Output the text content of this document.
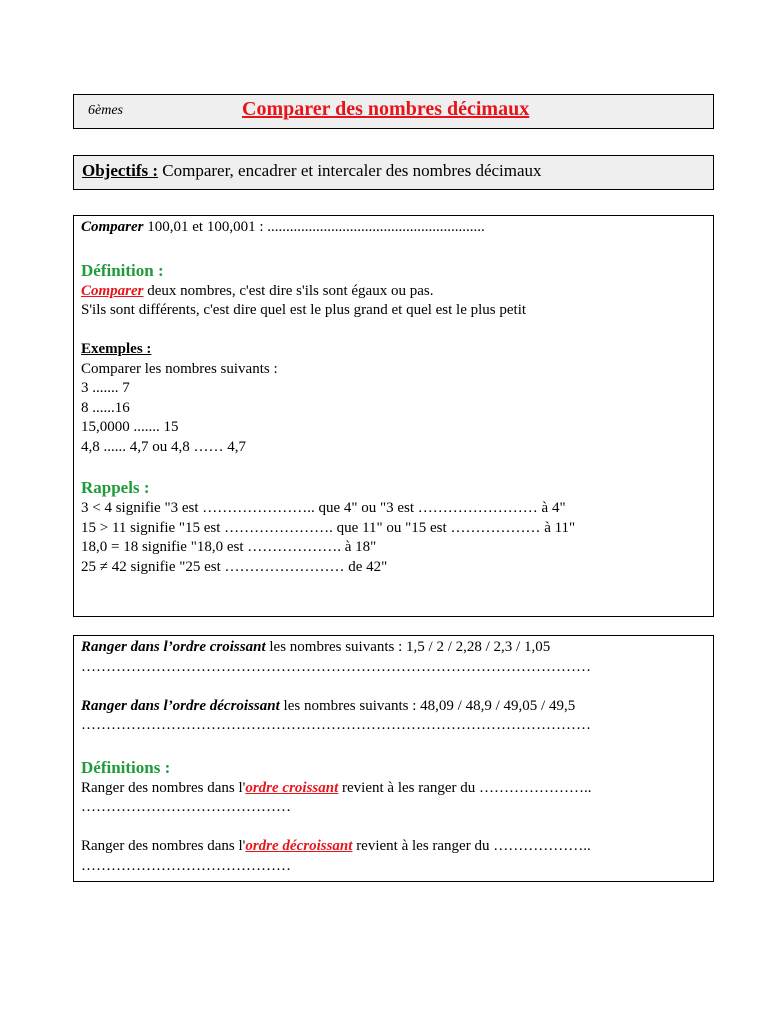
6èmes	Comparer des nombres décimaux
Objectifs : Comparer, encadrer et intercaler des nombres décimaux
Comparer 100,01 et 100,001 : ..........................................................
Définition :
Comparer deux nombres, c'est dire s'ils sont égaux ou pas.
S'ils sont différents, c'est dire quel est le plus grand et quel est le plus petit
Exemples :
Comparer les nombres suivants :
3 ....... 7
8 ......16
15,0000 ....... 15
4,8 ...... 4,7 ou 4,8 …… 4,7
Rappels :
3 < 4 signifie "3 est ………………….. que 4" ou "3 est …………………… à 4"
15 > 11 signifie "15 est …………………. que 11" ou "15 est ……………… à 11"
18,0 = 18 signifie "18,0 est ………………. à 18"
25 ≠ 42 signifie "25 est …………………… de 42"
Ranger dans l’ordre croissant les nombres suivants : 1,5 / 2 / 2,28 / 2,3 / 1,05
…………………………………………………………………………………………
Ranger dans l’ordre décroissant les nombres suivants : 48,09 / 48,9 / 49,05 / 49,5
…………………………………………………………………………………………
Définitions :
Ranger des nombres dans l'ordre croissant revient à les ranger du …………………..
……………………………………
Ranger des nombres dans l'ordre décroissant revient à les ranger du ………………..
……………………………………
